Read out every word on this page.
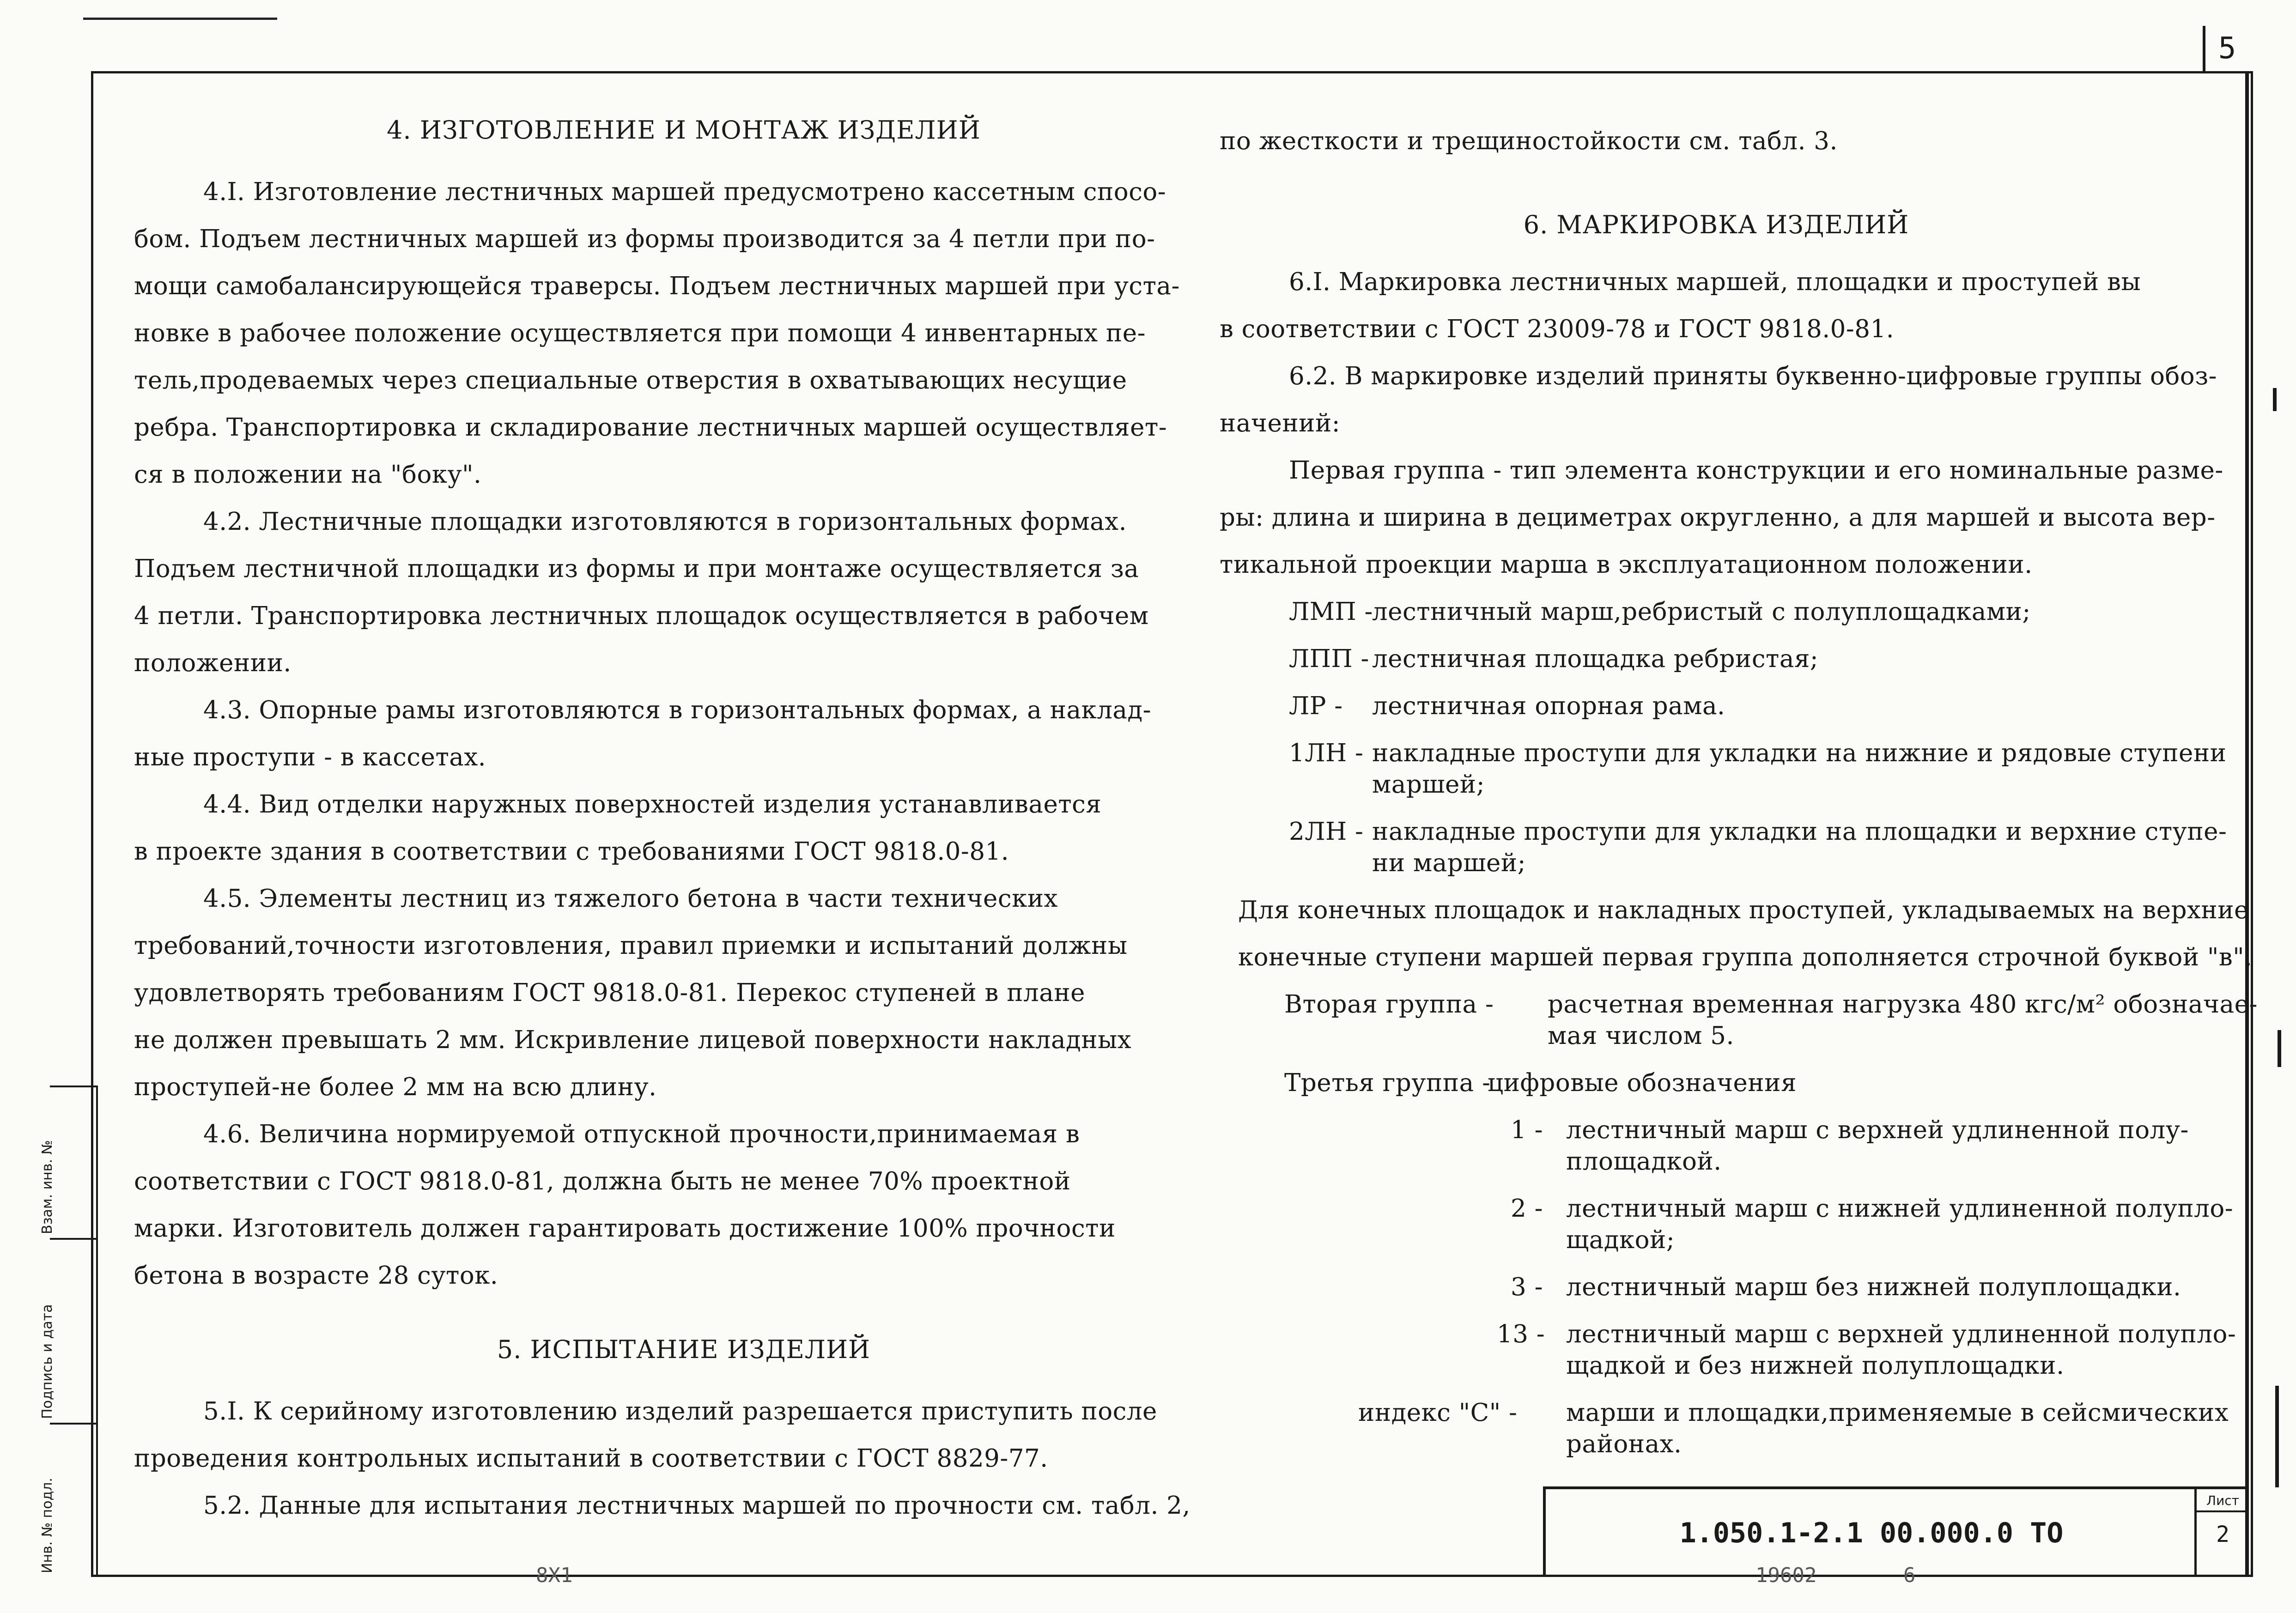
5
4. ИЗГОТОВЛЕНИЕ И МОНТАЖ ИЗДЕЛИЙ
4.I. Изготовление лестничных маршей предусмотрено кассетным спосо-
бом. Подъем лестничных маршей из формы производится за 4 петли при по-
мощи самобалансирующейся траверсы. Подъем лестничных маршей при уста-
новке в рабочее положение осуществляется при помощи 4 инвентарных пе-
тель,продеваемых через специальные отверстия в охватывающих несущие
ребра. Транспортировка и складирование лестничных маршей осуществляет-
ся в положении на "боку".
4.2. Лестничные площадки изготовляются в горизонтальных формах.
Подъем лестничной площадки из формы и при монтаже осуществляется за
4 петли. Транспортировка лестничных площадок осуществляется в рабочем
положении.
4.3. Опорные рамы изготовляются в горизонтальных формах, а наклад-
ные проступи - в кассетах.
4.4. Вид отделки наружных поверхностей изделия устанавливается
в проекте здания в соответствии с требованиями ГОСТ 9818.0-81.
4.5. Элементы лестниц из тяжелого бетона в части технических
требований,точности изготовления, правил приемки и испытаний должны
удовлетворять требованиям ГОСТ 9818.0-81. Перекос ступеней в плане
не должен превышать 2 мм. Искривление лицевой поверхности накладных
проступей-не более 2 мм на всю длину.
4.6. Величина нормируемой отпускной прочности,принимаемая в
соответствии с ГОСТ 9818.0-81, должна быть не менее 70% проектной
марки. Изготовитель должен гарантировать достижение 100% прочности
бетона в возрасте 28 суток.
5. ИСПЫТАНИЕ ИЗДЕЛИЙ
5.I. К серийному изготовлению изделий разрешается приступить после
проведения контрольных испытаний в соответствии с ГОСТ 8829-77.
5.2. Данные для испытания лестничных маршей по прочности см. табл. 2,
по жесткости и трещиностойкости см. табл. 3.
6. МАРКИРОВКА ИЗДЕЛИЙ
6.I. Маркировка лестничных маршей, площадки и проступей вы
в соответствии с ГОСТ 23009-78 и ГОСТ 9818.0-81.
6.2. В маркировке изделий приняты буквенно-цифровые группы обоз-
начений:
Первая группа - тип элемента конструкции и его номинальные разме-
ры: длина и ширина в дециметрах округленно, а для маршей и высота вер-
тикальной проекции марша в эксплуатационном положении.
ЛМП -
лестничный марш,ребристый с полуплощадками;
ЛПП - лестничная площадка ребристая;
ЛР - лестничная опорная рама.
1ЛН - накладные проступи для укладки на нижние и рядовые ступени
маршей;
2ЛН - накладные проступи для укладки на площадки и верхние ступе-
ни маршей;
Для конечных площадок и накладных проступей, укладываемых на верхние
конечные ступени маршей первая группа дополняется строчной буквой "в".
Вторая группа - расчетная временная нагрузка 480 кгс/м² обозначае-
мая числом 5.
Третья группа -
цифровые обозначения
1 - лестничный марш с верхней удлиненной полу-
площадкой.
2 - лестничный марш с нижней удлиненной полупло-
щадкой;
3 - лестничный марш без нижней полуплощадки.
13 - лестничный марш с верхней удлиненной полупло-
щадкой и без нижней полуплощадки.
индекс "С" - марши и площадки,применяемые в сейсмических
районах.
1.050.1-2.1 00.000.0 ТО
Лист
2
Инв. № подл.
Подпись и дата
Взам. инв. №
8X1	19602	6
